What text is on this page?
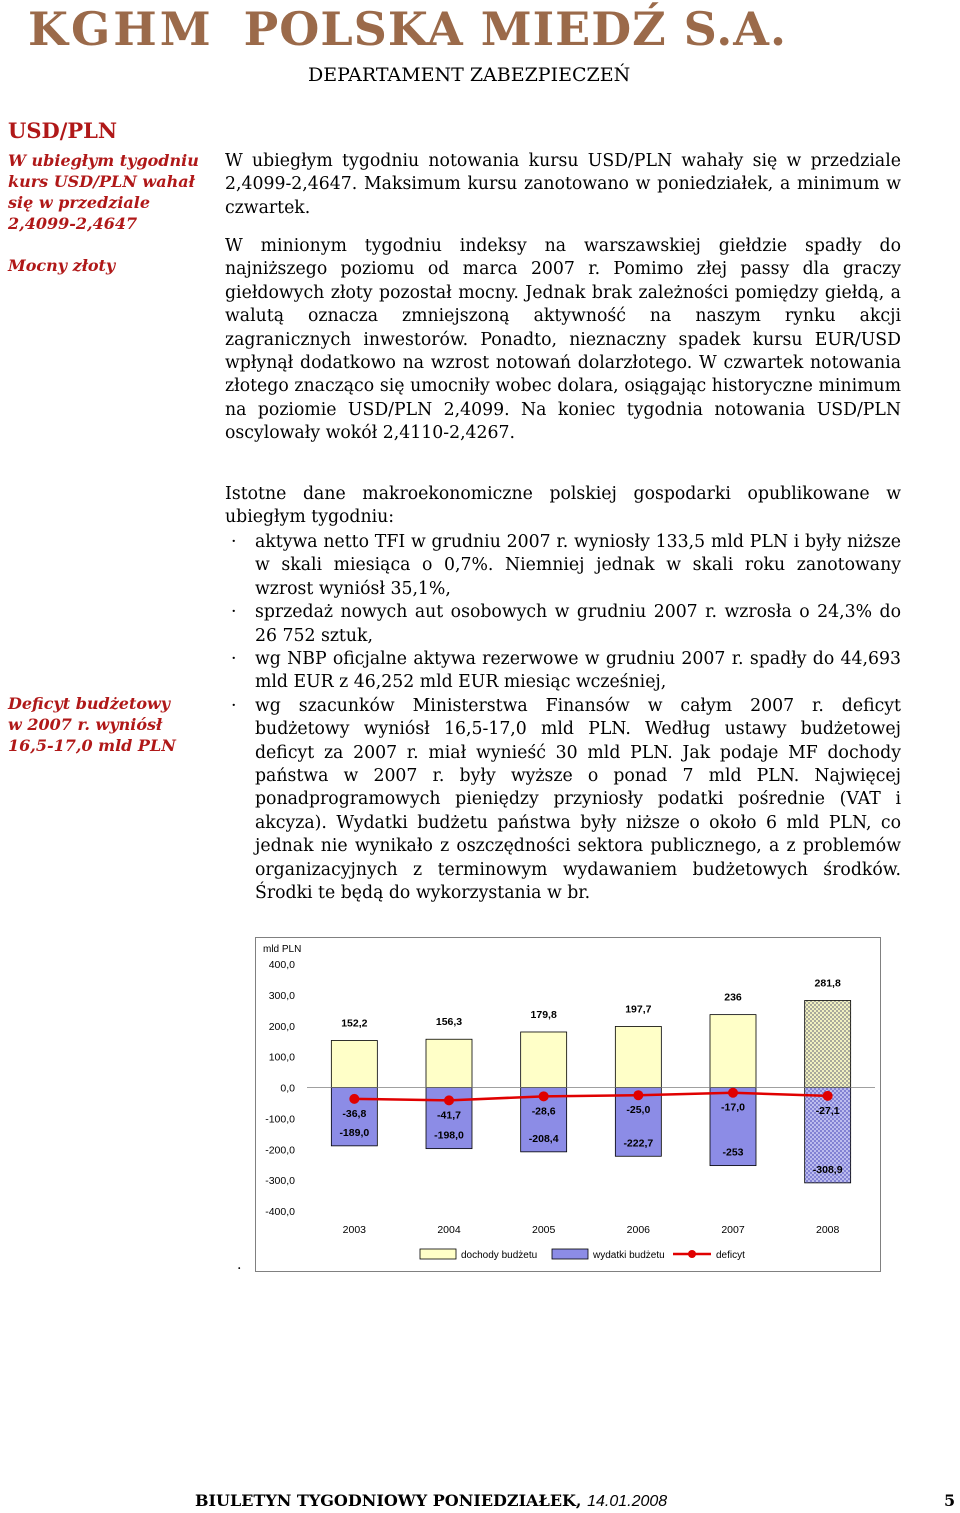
KGHM POLSKA MIEDŹ S.A.
DEPARTAMENT ZABEZPIECZEŃ
USD/PLN
W ubiegłym tygodniu kurs USD/PLN wahał się w przedziale 2,4099-2,4647
Mocny złoty
Deficyt budżetowy w 2007 r. wyniósł 16,5-17,0 mld PLN

W ubiegłym tygodniu notowania kursu USD/PLN wahały się w przedziale 2,4099-2,4647. Maksimum kursu zanotowano w poniedziałek, a minimum w czwartek.

W minionym tygodniu indeksy na warszawskiej giełdzie spadły do najniższego poziomu od marca 2007 r. Pomimo złej passy dla graczy giełdowych złoty pozostał mocny. Jednak brak zależności pomiędzy giełdą, a walutą oznacza zmniejszoną aktywność na naszym rynku akcji zagranicznych inwestorów. Ponadto, nieznaczny spadek kursu EUR/USD wpłynął dodatkowo na wzrost notowań dolarzłotego. W czwartek notowania złotego znacząco się umocniły wobec dolara, osiągając historyczne minimum na poziomie USD/PLN 2,4099. Na koniec tygodnia notowania USD/PLN oscylowały wokół 2,4110-2,4267.

Istotne dane makroekonomiczne polskiej gospodarki opublikowane w ubiegłym tygodniu:

· aktywa netto TFI w grudniu 2007 r. wyniosły 133,5 mld PLN i były niższe w skali miesiąca o 0,7%. Niemniej jednak w skali roku zanotowany wzrost wyniósł 35,1%,
· sprzedaż nowych aut osobowych w grudniu 2007 r. wzrosła o 24,3% do 26 752 sztuk,
· wg NBP oficjalne aktywa rezerwowe w grudniu 2007 r. spadły do 44,693 mld EUR z 46,252 mld EUR miesiąc wcześniej,
· wg szacunków Ministerstwa Finansów w całym 2007 r. deficyt budżetowy wyniósł 16,5-17,0 mld PLN. Według ustawy budżetowej deficyt za 2007 r. miał wynieść 30 mld PLN. Jak podaje MF dochody państwa w 2007 r. były wyższe o ponad 7 mld PLN. Najwięcej ponadprogramowych pieniędzy przyniosły podatki pośrednie (VAT i akcyza). Wydatki budżetu państwa były niższe o około 6 mld PLN, co jednak nie wynikało z oszczędności sektora publicznego, a z problemów organizacyjnych z terminowym wydawaniem budżetowych środków. Środki te będą do wykorzystania w br.
mld PLN
400,0
300,0
200,0
100,0
0,0
-100,0
-200,0
-300,0
-400,0
152,2
-189,0
-36,8
2003
156,3
-198,0
-41,7
2004
179,8
-208,4
-28,6
2005
197,7
-222,7
-25,0
2006
236
-253
-17,0
2007
281,8
-308,9
-27,1
2008
dochody budżetu	wydatki budżetu	deficyt
.
BIULETYN TYGODNIOWY PONIEDZIAŁEK, 14.01.2008	5
